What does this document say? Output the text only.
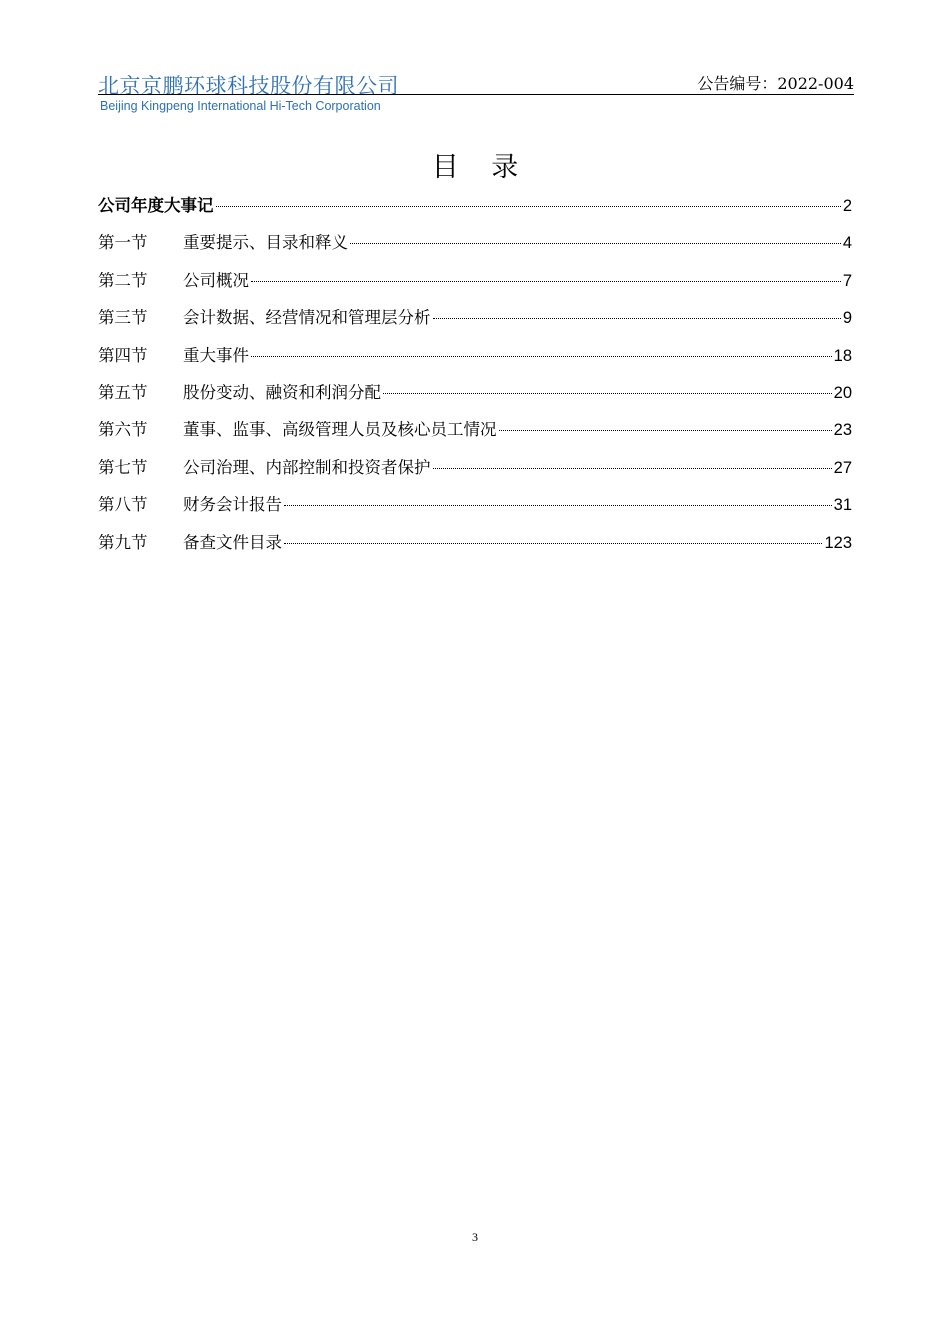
北京京鹏环球科技股份有限公司
Beijing Kingpeng International Hi-Tech Corporation
公告编号：2022-004
目 录
公司年度大事记	2
第一节	重要提示、目录和释义	4
第二节	公司概况	7
第三节	会计数据、经营情况和管理层分析	9
第四节	重大事件	18
第五节	股份变动、融资和利润分配	20
第六节	董事、监事、高级管理人员及核心员工情况	23
第七节	公司治理、内部控制和投资者保护	27
第八节	财务会计报告	31
第九节	备查文件目录	123
3
